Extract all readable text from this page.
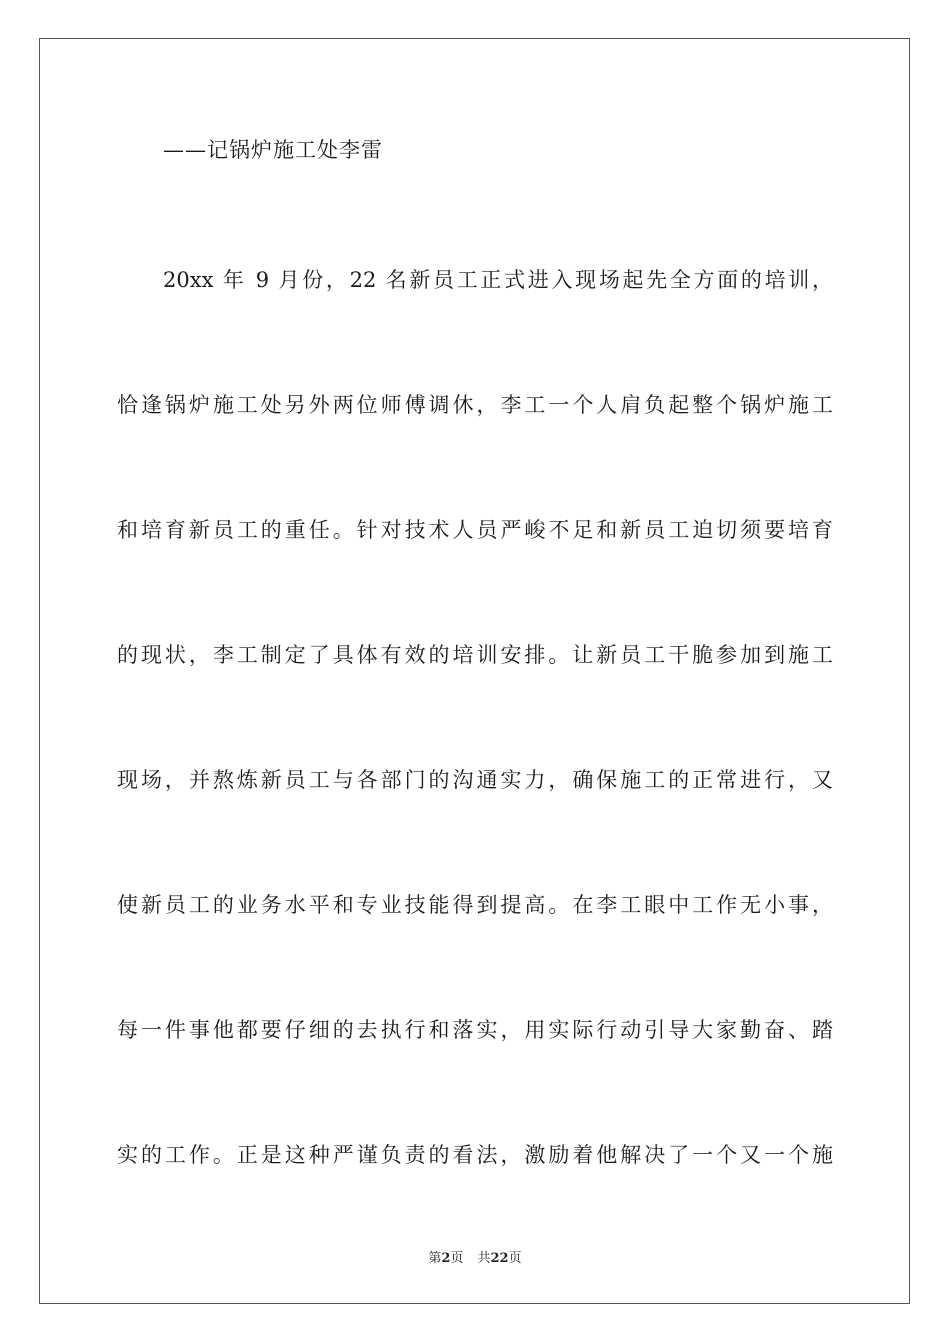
——记锅炉施工处李雷
20xx 年 9 月份，22 名新员工正式进入现场起先全方面的培训，
恰逢锅炉施工处另外两位师傅调休，李工一个人肩负起整个锅炉施工
和培育新员工的重任。针对技术人员严峻不足和新员工迫切须要培育
的现状，李工制定了具体有效的培训安排。让新员工干脆参加到施工
现场，并熬炼新员工与各部门的沟通实力，确保施工的正常进行，又
使新员工的业务水平和专业技能得到提高。在李工眼中工作无小事，
每一件事他都要仔细的去执行和落实，用实际行动引导大家勤奋、踏
实的工作。正是这种严谨负责的看法，激励着他解决了一个又一个施
第2页 共22页
